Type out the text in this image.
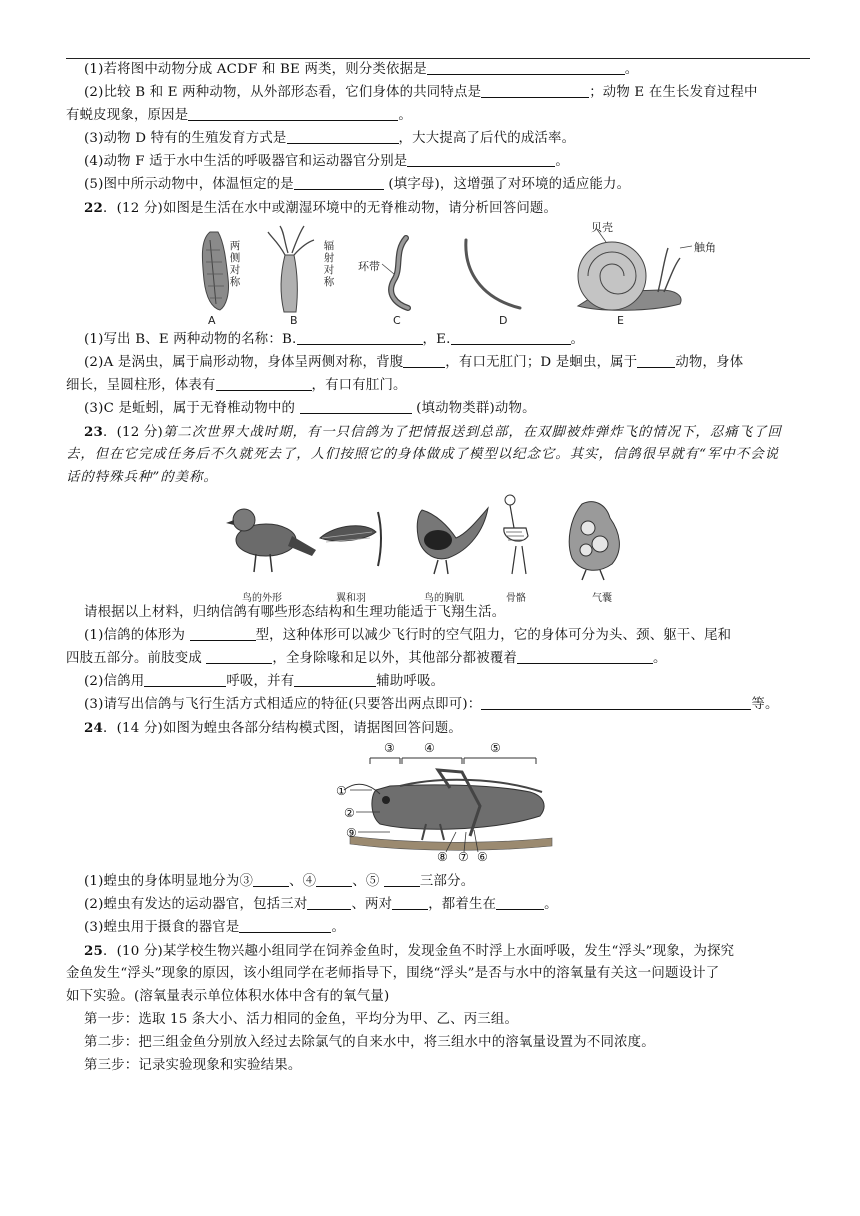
(1)若将图中动物分成 ACDF 和 BE 两类，则分类依据是	。
(2)比较 B 和 E 两种动物，从外部形态看，它们身体的共同特点是	；动物 E 在生长发育过程中
有蜕皮现象，原因是	。
(3)动物 D 特有的生殖发育方式是	，大大提高了后代的成活率。
(4)动物 F 适于水中生活的呼吸器官和运动器官分别是	。
(5)图中所示动物中，体温恒定的是	(填字母)，这增强了对环境的适应能力。
22．(12 分)如图是生活在水中或潮湿环境中的无脊椎动物，请分析回答问题。
两侧对称
辐射对称
环带
贝壳
触角
A	B	C	D	E
(1)写出 B、E 两种动物的名称：B.	，E.	。
(2)A 是涡虫，属于扁形动物，身体呈两侧对称，背腹	，有口无肛门；D 是蛔虫，属于	动物，身体
细长，呈圆柱形，体表有	，有口有肛门。
(3)C 是蚯蚓，属于无脊椎动物中的	(填动物类群)动物。
23．(12 分)第二次世界大战时期，有一只信鸽为了把情报送到总部，在双脚被炸弹炸飞的情况下，忍痛飞了回
去，但在它完成任务后不久就死去了，人们按照它的身体做成了模型以纪念它。其实，信鸽很早就有“军中不会说
话的特殊兵种”的美称。
鸟的外形	翼和羽	鸟的胸肌	骨骼	气囊
请根据以上材料，归纳信鸽有哪些形态结构和生理功能适于飞翔生活。
(1)信鸽的体形为	型，这种体形可以减少飞行时的空气阻力，它的身体可分为头、颈、躯干、尾和
四肢五部分。前肢变成	，全身除喙和足以外，其他部分都被覆着	。
(2)信鸽用	呼吸，并有	辅助呼吸。
(3)请写出信鸽与飞行生活方式相适应的特征(只要答出两点即可)：	等。
24．(14 分)如图为蝗虫各部分结构模式图，请据图回答问题。
③ ④	⑤
①
②
⑨
⑧ ⑦ ⑥
(1)蝗虫的身体明显地分为③	、④	、⑤	三部分。
(2)蝗虫有发达的运动器官，包括三对	、两对	，都着生在	。
(3)蝗虫用于摄食的器官是	。
25．(10 分)某学校生物兴趣小组同学在饲养金鱼时，发现金鱼不时浮上水面呼吸，发生“浮头”现象，为探究
金鱼发生“浮头”现象的原因，该小组同学在老师指导下，围绕“浮头”是否与水中的溶氧量有关这一问题设计了
如下实验。(溶氧量表示单位体积水体中含有的氧气量)
第一步：选取 15 条大小、活力相同的金鱼，平均分为甲、乙、丙三组。
第二步：把三组金鱼分别放入经过去除氯气的自来水中，将三组水中的溶氧量设置为不同浓度。
第三步：记录实验现象和实验结果。
